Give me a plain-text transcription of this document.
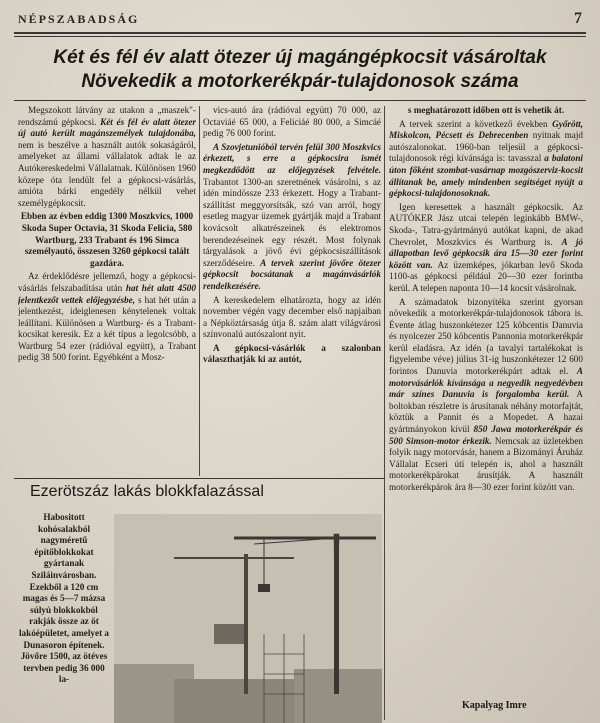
NÉPSZABADSÁG	7
Két és fél év alatt ötezer új magángépkocsit vásároltak
Növekedik a motorkerékpár-tulajdonosok száma

Megszokott látvány az utakon a „maszek"-rendszámú gépkocsi. Két és fél év alatt ötezer új autó került magánszemélyek tulajdonába, nem is beszélve a használt autók sokaságáról, amelyeket az állami vállalatok adtak le az Autókereskedelmi Vállalatnak. Különösen 1960 közepe óta lendült fel a gépkocsi-vásárlás, amióta bárki engedély nélkül vehet személygépkocsit.

Ebben az évben eddig 1300 Moszkvics, 1000 Skoda Super Octavia, 31 Skoda Felicia, 580 Wartburg, 233 Trabant és 196 Simca személyautó, összesen 3260 gépkocsi talált gazdára.

Az érdeklődésre jellemző, hogy a gépkocsi-vásárlás felszabadítása után hat hét alatt 4500 jelentkezőt vettek előjegyzésbe, s hat hét után a jelentkezést, ideiglenesen kénytelenek voltak leállítani. Különösen a Wartburg- és a Trabant-kocsikat keresik. Ez a két típus a legolcsóbb, a Wartburg 54 ezer (rádióval együtt), a Trabant pedig 38 500 forint. Egyébként a Mosz-

vics-autó ára (rádióval együtt) 70 000, az Octaviáé 65 000, a Feliciáé 80 000, a Simcáé pedig 76 000 forint.

A Szovjetunióból tervén felül 300 Moszkvics érkezett, s erre a gépkocsira ismét megkezdődött az előjegyzések felvétele. Trabantot 1300-an szeretnének vásárolni, s az idén mindössze 233 érkezett. Hogy a Trabant-szállítást meggyorsítsák, szó van arról, hogy esetleg magyar üzemek gyártják majd a Trabant kovácsolt alkatrészeinek és elektromos berendezéseinek egy részét. Most folynak tárgyalások a jövő évi gépkocsiszállítások szerződéseire. A tervek szerint jövőre ötezer gépkocsit bocsátanak a magánvásárlók rendelkezésére.

A kereskedelem elhatározta, hogy az idén november végén vagy december első napjaiban a Népköztársaság útja 8. szám alatt világvárosi színvonalú autószalont nyit.

A gépkocsi-vásárlók a szalonban választhatják ki az autót,

s meghatározott időben ott is vehetik át.

A tervek szerint a következő években Győrött, Miskolcon, Pécsett és Debrecenben nyitnak majd autószalonokat. 1960-ban teljesül a gépkocsi-tulajdonosok régi kívánsága is: tavasszal a balatoni úton főként szombat-vasárnap mozgószerviz-kocsit állítanak be, amely mindenben segítséget nyújt a gépkocsi-tulajdonosoknak.

Igen keresettek a használt gépkocsik. Az AUTÓKER Jász utcai telepén leginkább BMW-, Skoda-, Tatra-gyártmányú autókat kapni, de akad Chevrolet, Moszkvics és Wartburg is. A jó állapotban levő gépkocsik ára 15—30 ezer forint között van. Az üzemképes, jókarban levő Skoda 1100-as gépkocsi például 20—30 ezer forintba kerül. A telepen naponta 10—14 kocsit vásárolnak.

A számadatok bizonyítéka szerint gyorsan növekedik a motorkerékpár-tulajdonosok tábora is. Évente átlag huszonkétezer 125 köbcentis Danuvia és nyolcezer 250 köbcentis Pannonia motorkerékpár kerül eladásra. Az idén (a tavalyi tartalékokat is figyelembe véve) július 31-ig huszonkétezer 12 600 forintos Danuvia motorkerékpárt adtak el. A motorvásárlók kívánsága a negyedik negyedévben már színes Danuvia is forgalomba kerül. A boltokban részletre is árusítanak néhány motorfajtát, köztük a Pannit és a Mopedet. A hazai gyártmányokon kívül 850 Jawa motorkerékpár és 500 Simson-motor érkezik. Nemcsak az üzletekben folyik nagy motorvásár, hanem a Bizományi Áruház Vállalat Ecseri úti telepén is, ahol a használt motorkerékpárokat árusítják. A használt motorkerékpárok ára 8—30 ezer forint között van.

Kapalyag Imre
Ezerötszáz lakás blokkfalazással

Habositott kohósalakból nagyméretű építőblokkokat gyártanak Sziláinvárosban. Ezekből a 120 cm magas és 5—7 mázsa súlyú blokkokból rakják össze az öt lakóépületet, amelyet a Dunasoron építenek. Jövőre 1500, az ötéves tervben pedig 36 000 la-
